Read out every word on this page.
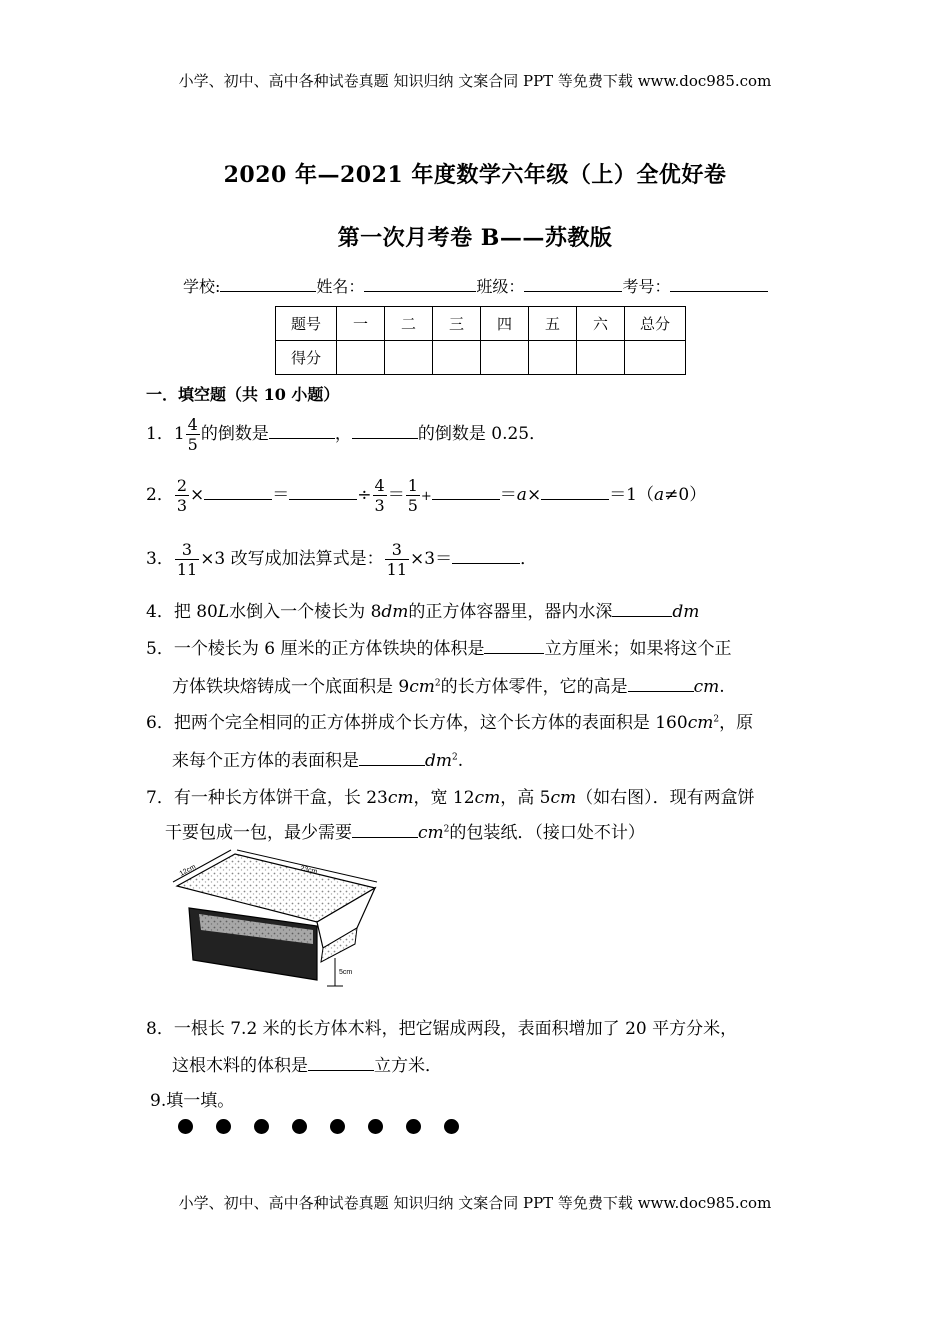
小学、初中、高中各种试卷真题 知识归纳 文案合同 PPT 等免费下载 www.doc985.com
2020 年—2021 年度数学六年级（上）全优好卷
第一次月考卷 B——苏教版
学校:	姓名：	班级：	考号：
题号	一	二	三	四	五	六	总分
得分							
一．填空题（共 10 小题）
1．$1 \frac{4}{5}$ 的倒数是	，	的倒数是 0.25．
2． $\frac{2}{3}$ ×	＝	÷ $\frac{4}{3} = \frac{1}{5}$ +	＝a×	＝1（a≠0）
3． $\frac{3}{11} \times 3$ 改写成加法算式是： $\frac{3}{11} \times 3=$	．
4．把 80L水倒入一个棱长为 8dm的正方体容器里，器内水深	dm
5．一个棱长为 6 厘米的正方体铁块的体积是	立方厘米；如果将这个正
方体铁块熔铸成一个底面积是 $9cm^2$的长方体零件，它的高是	cm.
6．把两个完全相同的正方体拼成个长方体，这个长方体的表面积是 $160cm^2$，原
来每个正方体的表面积是	$dm^2$.
7．有一种长方体饼干盒，长 23cm，宽 12cm，高 5cm（如右图）．现有两盒饼
干要包成一包，最少需要	$cm^2$的包装纸．（接口处不计）
23cm
12cm
5cm
8．一根长 7.2 米的长方体木料，把它锯成两段，表面积增加了 20 平方分米，
这根木料的体积是	立方米．
9.填一填。
小学、初中、高中各种试卷真题 知识归纳 文案合同 PPT 等免费下载 www.doc985.com
